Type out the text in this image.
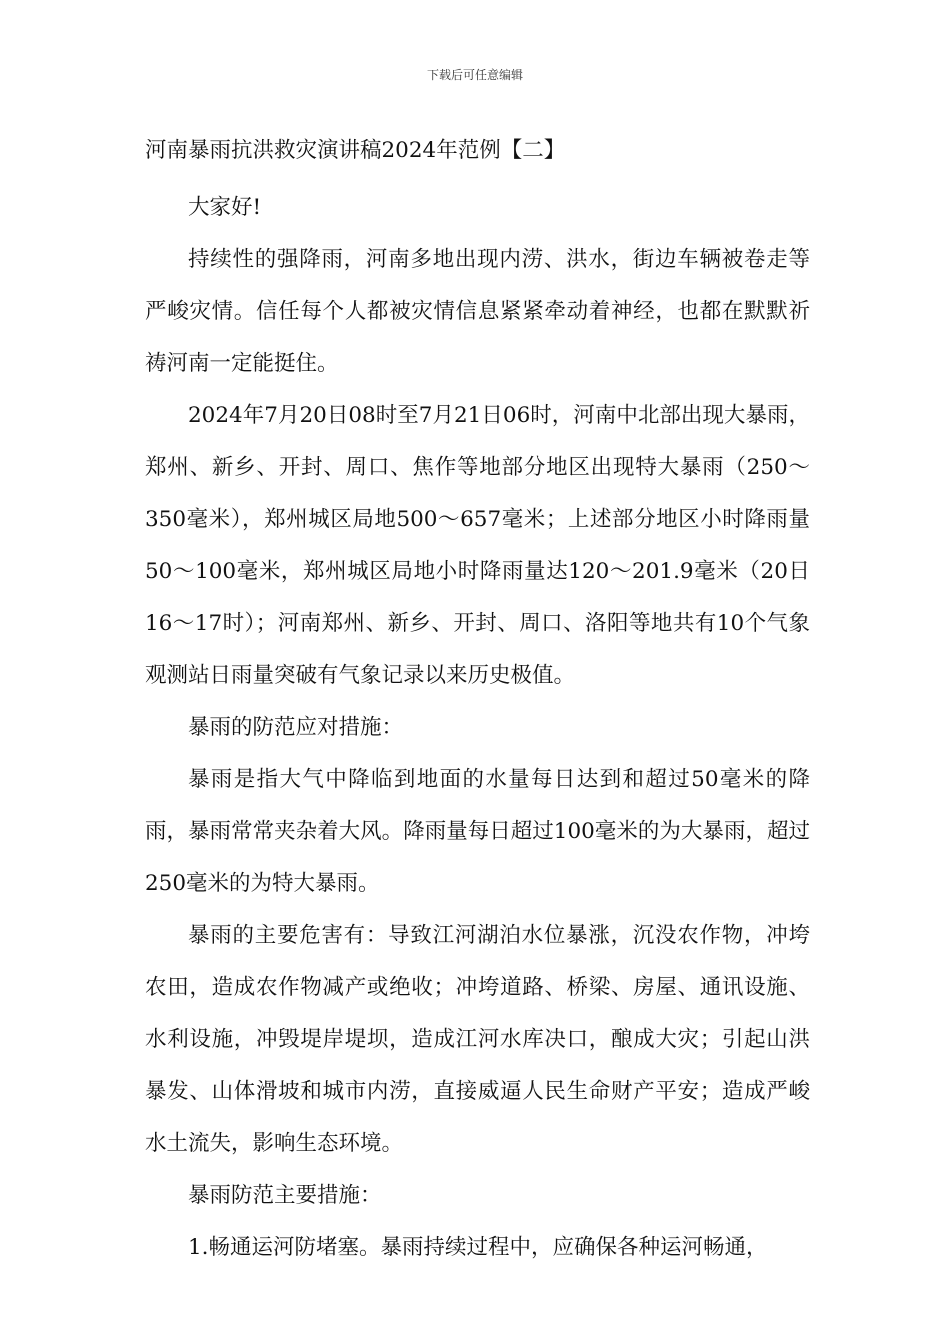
下载后可任意编辑
河南暴雨抗洪救灾演讲稿2024年范例【二】

大家好!

持续性的强降雨，河南多地出现内涝、洪水，街边车辆被卷走等严峻灾情。信任每个人都被灾情信息紧紧牵动着神经，也都在默默祈祷河南一定能挺住。

2024年7月20日08时至7月21日06时，河南中北部出现大暴雨，郑州、新乡、开封、周口、焦作等地部分地区出现特大暴雨（250～350毫米），郑州城区局地500～657毫米；上述部分地区小时降雨量50～100毫米，郑州城区局地小时降雨量达120～201.9毫米（20日16～17时）；河南郑州、新乡、开封、周口、洛阳等地共有10个气象观测站日雨量突破有气象记录以来历史极值。

暴雨的防范应对措施：

暴雨是指大气中降临到地面的水量每日达到和超过50毫米的降雨，暴雨常常夹杂着大风。降雨量每日超过100毫米的为大暴雨，超过250毫米的为特大暴雨。

暴雨的主要危害有：导致江河湖泊水位暴涨，沉没农作物，冲垮农田，造成农作物减产或绝收；冲垮道路、桥梁、房屋、通讯设施、水利设施，冲毁堤岸堤坝，造成江河水库决口，酿成大灾；引起山洪暴发、山体滑坡和城市内涝，直接威逼人民生命财产平安；造成严峻水土流失，影响生态环境。

暴雨防范主要措施：

1.畅通运河防堵塞。暴雨持续过程中，应确保各种运河畅通，
